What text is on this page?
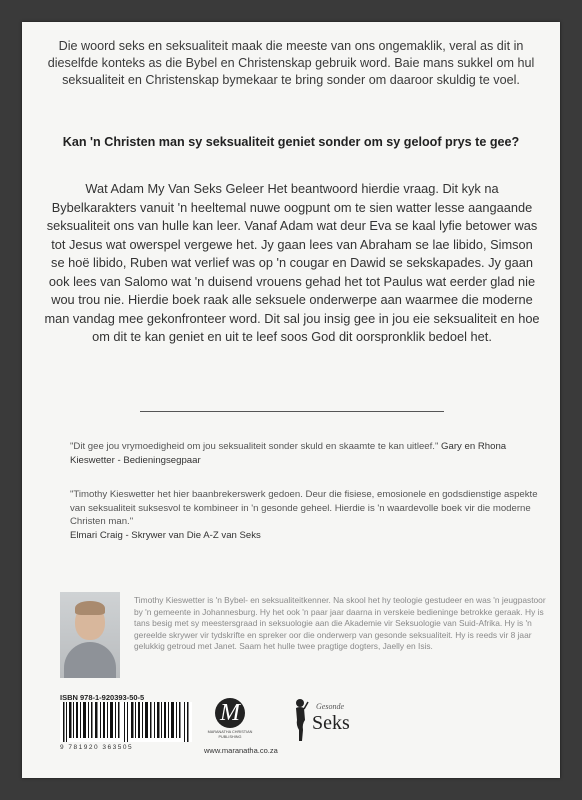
Die woord seks en seksualiteit maak die meeste van ons ongemaklik, veral as dit in dieselfde konteks as die Bybel en Christenskap gebruik word. Baie mans sukkel om hul seksualiteit en Christenskap bymekaar te bring sonder om daaroor skuldig te voel.
Kan 'n Christen man sy seksualiteit geniet sonder om sy geloof prys te gee?
Wat Adam My Van Seks Geleer Het beantwoord hierdie vraag. Dit kyk na Bybelkarakters vanuit 'n heeltemal nuwe oogpunt om te sien watter lesse aangaande seksualiteit ons van hulle kan leer. Vanaf Adam wat deur Eva se kaal lyfie betower was tot Jesus wat owerspel vergewe het. Jy gaan lees van Abraham se lae libido, Simson se hoë libido, Ruben wat verlief was op 'n cougar en Dawid se sekskapades. Jy gaan ook lees van Salomo wat 'n duisend vrouens gehad het tot Paulus wat eerder glad nie wou trou nie. Hierdie boek raak alle seksuele onderwerpe aan waarmee die moderne man vandag mee gekonfronteer word. Dit sal jou insig gee in jou eie seksualiteit en hoe om dit te kan geniet en uit te leef soos God dit oorspronklik bedoel het.
"Dit gee jou vrymoedigheid om jou seksualiteit sonder skuld en skaamte te kan uitleef." Gary en Rhona Kieswetter - Bedieningsegpaar
"Timothy Kieswetter het hier baanbrekerswerk gedoen. Deur die fisiese, emosionele en godsdienstige aspekte van seksualiteit suksesvol te kombineer in 'n gesonde geheel. Hierdie is 'n waardevolle boek vir die moderne Christen man."
Elmari Craig - Skrywer van Die A-Z van Seks
Timothy Kieswetter is 'n Bybel- en seksualiteitkenner. Na skool het hy teologie gestudeer en was 'n jeugpastoor by 'n gemeente in Johannesburg. Hy het ook 'n paar jaar daarna in verskeie bedieninge betrokke geraak. Hy is tans besig met sy meestersgraad in seksuologie aan die Akademie vir Seksuologie van Suid-Afrika. Hy is 'n gereelde skrywer vir tydskrifte en spreker oor die onderwerp van gesonde seksualiteit. Hy is reeds vir 8 jaar gelukkig getroud met Janet. Saam het hulle twee pragtige dogters, Jaelly en Isis.
ISBN 978-1-920393-50-5
9 781920 363505
M
MARANATHA CHRISTIAN PUBLISHING
www.maranatha.co.za
Gesonde
Seks
